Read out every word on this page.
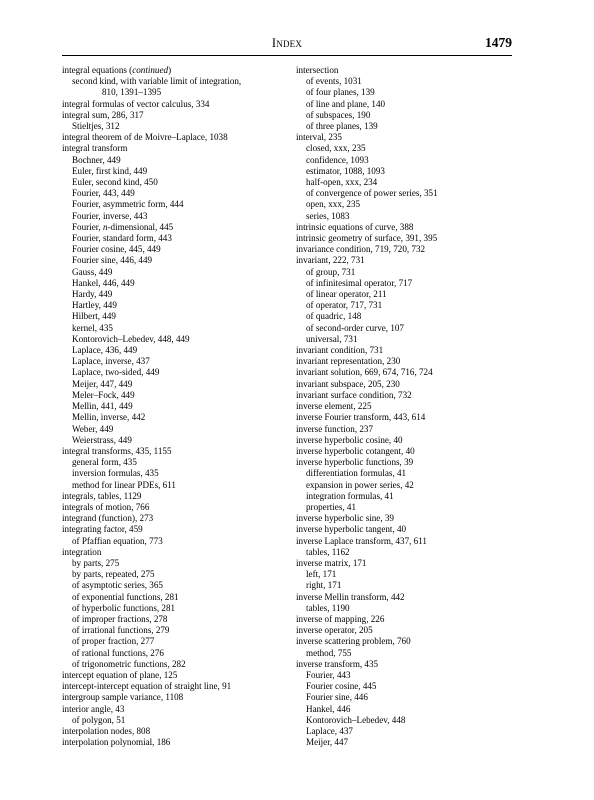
Index	1479
integral equations (continued)
second kind, with variable limit of integration,
810, 1391–1395
integral formulas of vector calculus, 334
integral sum, 286, 317
Stieltjes, 312
integral theorem of de Moivre–Laplace, 1038
integral transform
Bochner, 449
Euler, first kind, 449
Euler, second kind, 450
Fourier, 443, 449
Fourier, asymmetric form, 444
Fourier, inverse, 443
Fourier, n-dimensional, 445
Fourier, standard form, 443
Fourier cosine, 445, 449
Fourier sine, 446, 449
Gauss, 449
Hankel, 446, 449
Hardy, 449
Hartley, 449
Hilbert, 449
kernel, 435
Kontorovich–Lebedev, 448, 449
Laplace, 436, 449
Laplace, inverse, 437
Laplace, two-sided, 449
Meijer, 447, 449
Meler–Fock, 449
Mellin, 441, 449
Mellin, inverse, 442
Weber, 449
Weierstrass, 449
integral transforms, 435, 1155
general form, 435
inversion formulas, 435
method for linear PDEs, 611
integrals, tables, 1129
integrals of motion, 766
integrand (function), 273
integrating factor, 459
of Pfaffian equation, 773
integration
by parts, 275
by parts, repeated, 275
of asymptotic series, 365
of exponential functions, 281
of hyperbolic functions, 281
of improper fractions, 278
of irrational functions, 279
of proper fraction, 277
of rational functions, 276
of trigonometric functions, 282
intercept equation of plane, 125
intercept-intercept equation of straight line, 91
intergroup sample variance, 1108
interior angle, 43
of polygon, 51
interpolation nodes, 808
interpolation polynomial, 186
intersection
of events, 1031
of four planes, 139
of line and plane, 140
of subspaces, 190
of three planes, 139
interval, 235
closed, xxx, 235
confidence, 1093
estimator, 1088, 1093
half-open, xxx, 234
of convergence of power series, 351
open, xxx, 235
series, 1083
intrinsic equations of curve, 388
intrinsic geometry of surface, 391, 395
invariance condition, 719, 720, 732
invariant, 222, 731
of group, 731
of infinitesimal operator, 717
of linear operator, 211
of operator, 717, 731
of quadric, 148
of second-order curve, 107
universal, 731
invariant condition, 731
invariant representation, 230
invariant solution, 669, 674, 716, 724
invariant subspace, 205, 230
invariant surface condition, 732
inverse element, 225
inverse Fourier transform, 443, 614
inverse function, 237
inverse hyperbolic cosine, 40
inverse hyperbolic cotangent, 40
inverse hyperbolic functions, 39
differentiation formulas, 41
expansion in power series, 42
integration formulas, 41
properties, 41
inverse hyperbolic sine, 39
inverse hyperbolic tangent, 40
inverse Laplace transform, 437, 611
tables, 1162
inverse matrix, 171
left, 171
right, 171
inverse Mellin transform, 442
tables, 1190
inverse of mapping, 226
inverse operator, 205
inverse scattering problem, 760
method, 755
inverse transform, 435
Fourier, 443
Fourier cosine, 445
Fourier sine, 446
Hankel, 446
Kontorovich–Lebedev, 448
Laplace, 437
Meijer, 447
